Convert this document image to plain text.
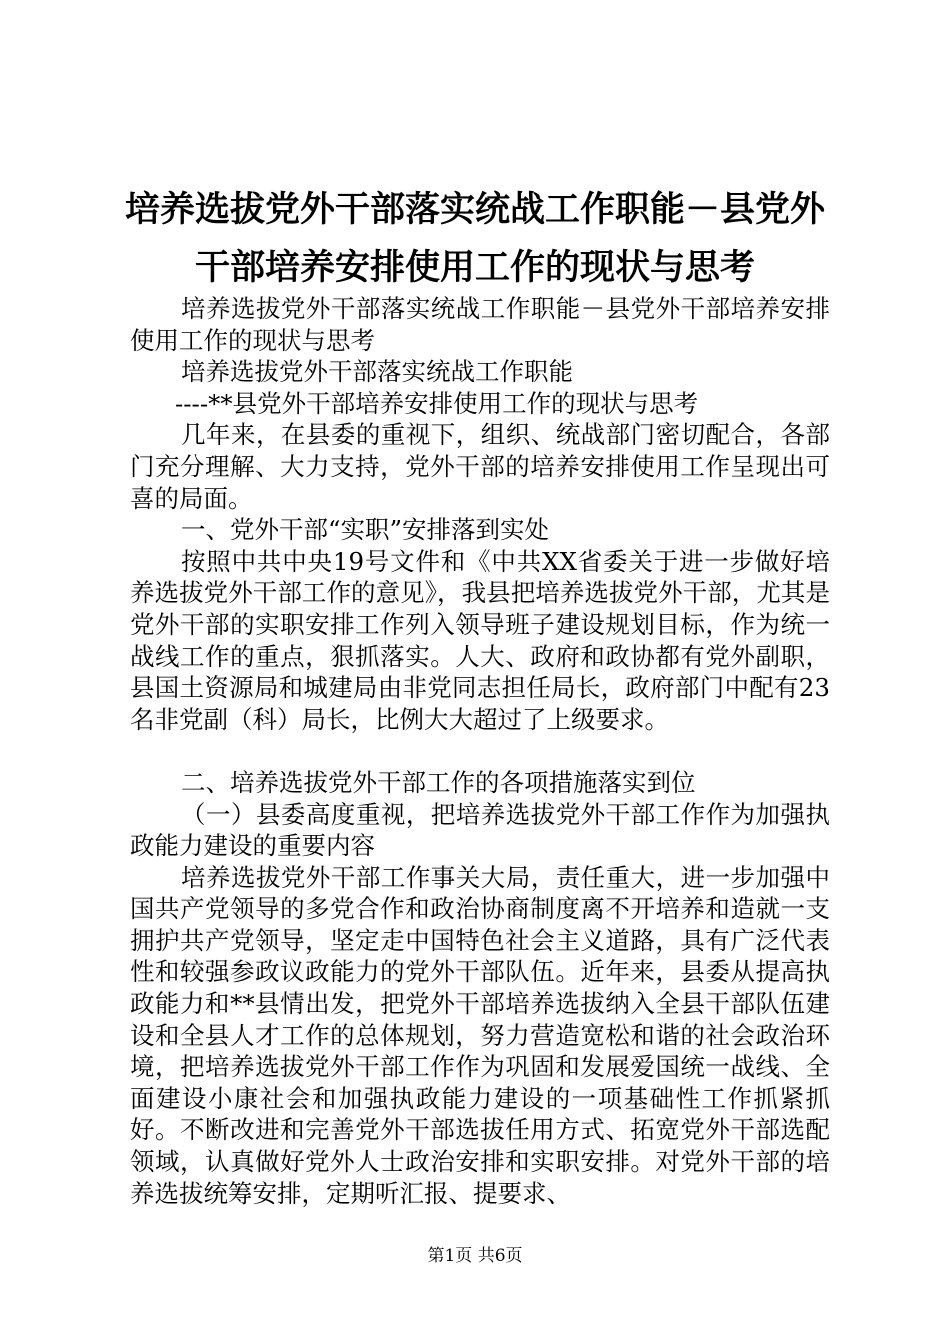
培养选拔党外干部落实统战工作职能－县党外
干部培养安排使用工作的现状与思考

培养选拔党外干部落实统战工作职能－县党外干部培养安排使用工作的现状与思考

培养选拔党外干部落实统战工作职能

----**县党外干部培养安排使用工作的现状与思考

几年来，在县委的重视下，组织、统战部门密切配合，各部门充分理解、大力支持，党外干部的培养安排使用工作呈现出可喜的局面。

一、党外干部“实职”安排落到实处

按照中共中央19号文件和《中共XX省委关于进一步做好培养选拔党外干部工作的意见》，我县把培养选拔党外干部，尤其是党外干部的实职安排工作列入领导班子建设规划目标，作为统一战线工作的重点，狠抓落实。人大、政府和政协都有党外副职，县国土资源局和城建局由非党同志担任局长，政府部门中配有23名非党副（科）局长，比例大大超过了上级要求。

二、培养选拔党外干部工作的各项措施落实到位

（一）县委高度重视，把培养选拔党外干部工作作为加强执政能力建设的重要内容

培养选拔党外干部工作事关大局，责任重大，进一步加强中国共产党领导的多党合作和政治协商制度离不开培养和造就一支拥护共产党领导，坚定走中国特色社会主义道路，具有广泛代表性和较强参政议政能力的党外干部队伍。近年来，县委从提高执政能力和**县情出发，把党外干部培养选拔纳入全县干部队伍建设和全县人才工作的总体规划，努力营造宽松和谐的社会政治环境，把培养选拔党外干部工作作为巩固和发展爱国统一战线、全面建设小康社会和加强执政能力建设的一项基础性工作抓紧抓好。不断改进和完善党外干部选拔任用方式、拓宽党外干部选配领域，认真做好党外人士政治安排和实职安排。对党外干部的培养选拔统筹安排，定期听汇报、提要求、

第1页 共6页
